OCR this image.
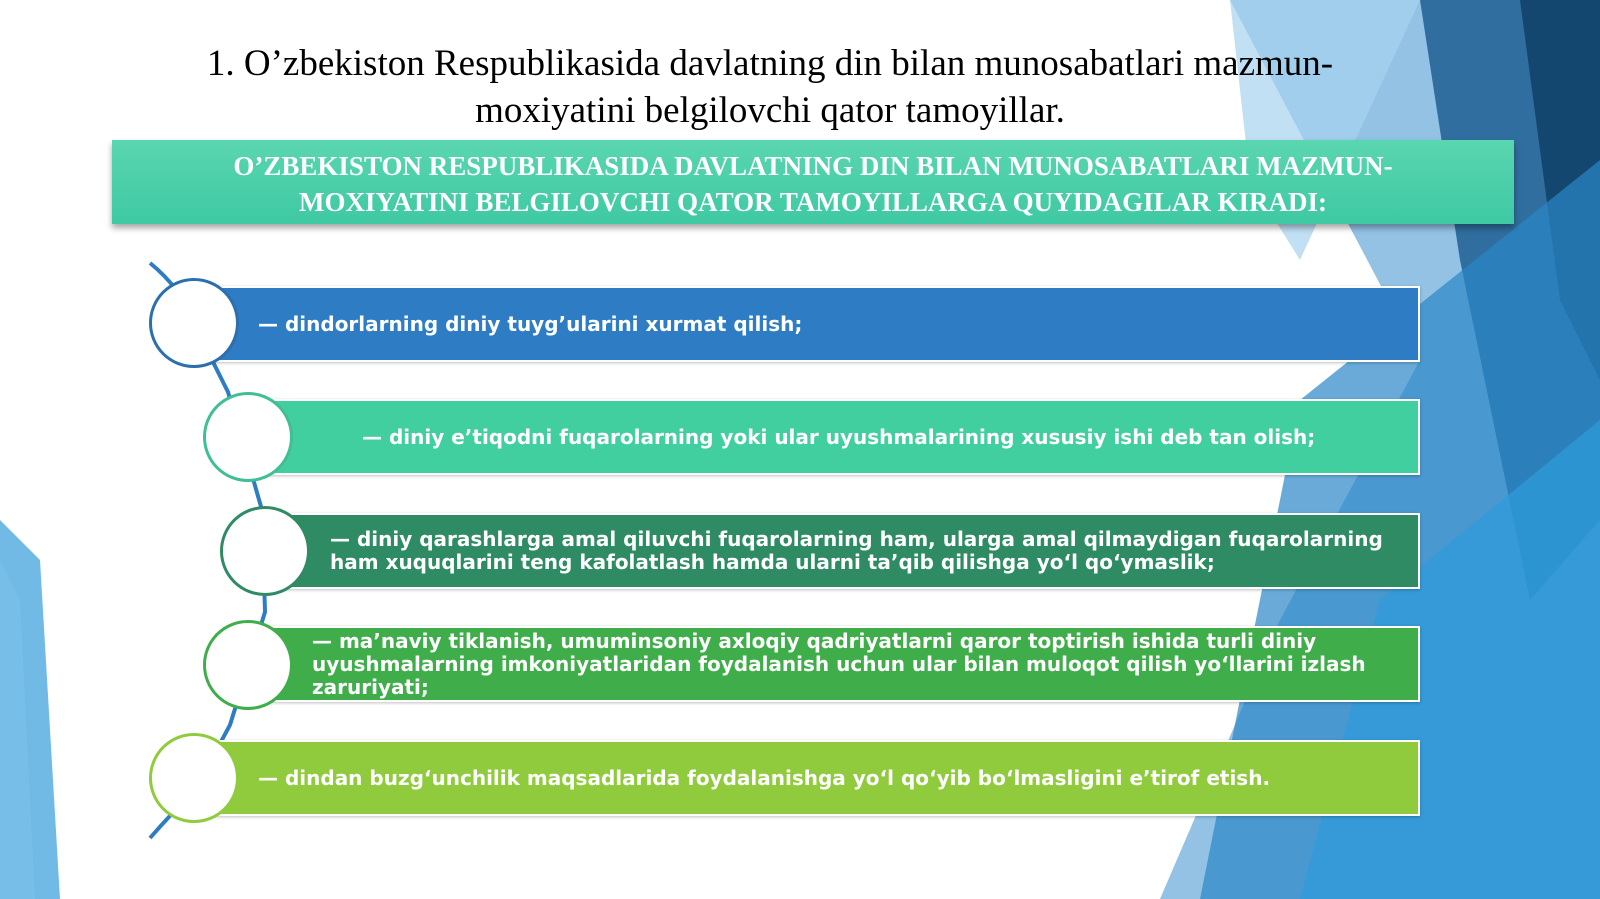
1. O’zbekiston Respublikasida davlatning din bilan munosabatlari mazmun-
moxiyatini belgilovchi qator tamoyillar.
O’ZBEKISTON RESPUBLIKASIDA DAVLATNING DIN BILAN MUNOSABATLARI MAZMUN-
MOXIYATINI BELGILOVCHI QATOR TAMOYILLARGA QUYIDAGILAR KIRADI:
— dindorlarning diniy tuyg’ularini xurmat qilish;
— diniy e’tiqodni fuqarolarning yoki ular uyushmalarining xususiy ishi deb tan olish;
— diniy qarashlarga amal qiluvchi fuqarolarning ham, ularga amal qilmaydigan fuqarolarning ham xuquqlarini teng kafolatlash hamda ularni ta’qib qilishga yo‘l qo‘ymaslik;
— ma’naviy tiklanish, umuminsoniy axloqiy qadriyatlarni qaror toptirish ishida turli diniy uyushmalarning imkoniyatlaridan foydalanish uchun ular bilan muloqot qilish yo‘llarini izlash zaruriyati;
— dindan buzg‘unchilik maqsadlarida foydalanishga yo‘l qo‘yib bo‘lmasligini e’tirof etish.
